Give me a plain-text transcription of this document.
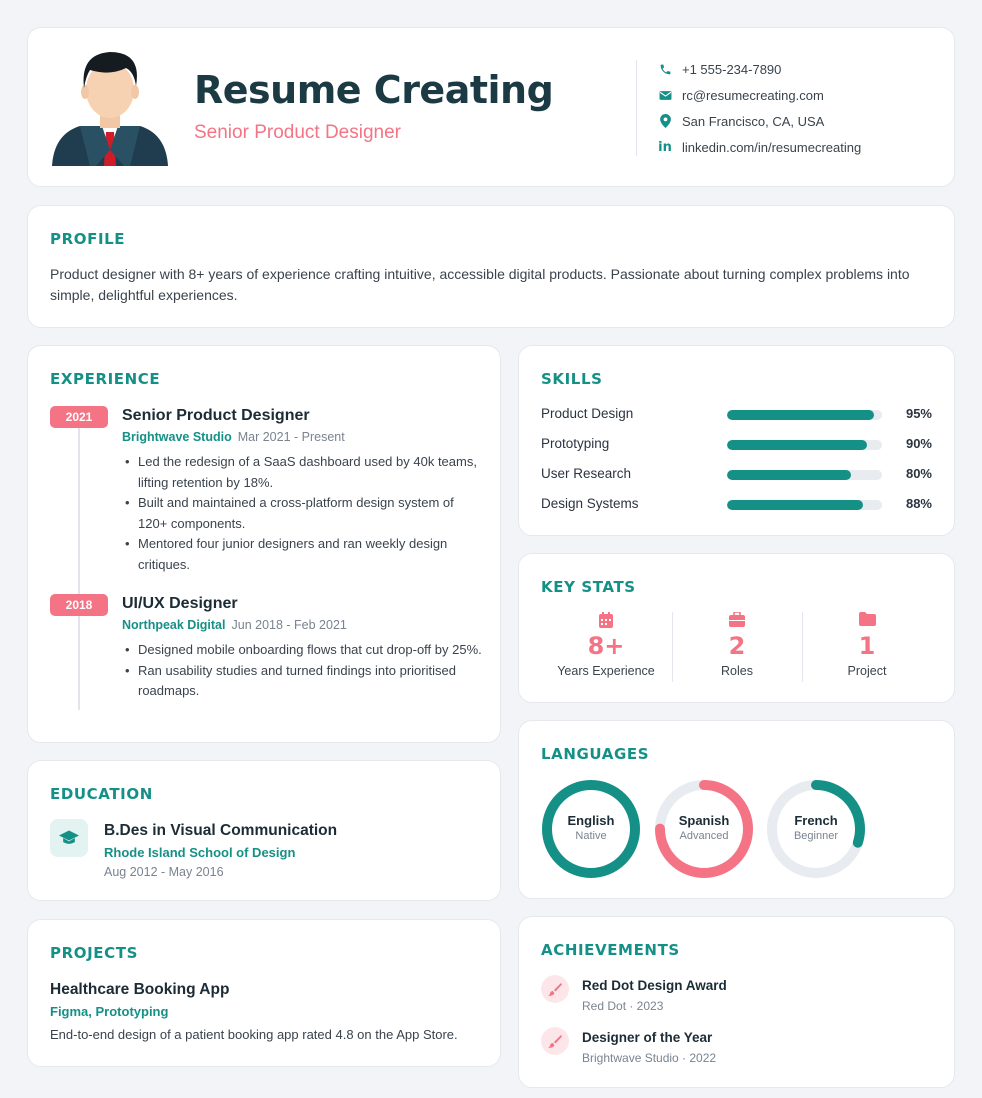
Resume Creating
Senior Product Designer
+1 555-234-7890
rc@resumecreating.com
San Francisco, CA, USA
in linkedin.com/in/resumecreating
PROFILE
Product designer with 8+ years of experience crafting intuitive, accessible digital products. Passionate about turning complex problems into simple, delightful experiences.
EXPERIENCE
2021	Senior Product Designer
Brightwave Studio Mar 2021 - Present
• Led the redesign of a SaaS dashboard used by 40k teams, lifting retention by 18%.
• Built and maintained a cross-platform design system of 120+ components.
• Mentored four junior designers and ran weekly design critiques.
2018	UI/UX Designer
Northpeak Digital Jun 2018 - Feb 2021
• Designed mobile onboarding flows that cut drop-off by 25%.
• Ran usability studies and turned findings into prioritised roadmaps.
EDUCATION
B.Des in Visual Communication
Rhode Island School of Design
Aug 2012 - May 2016
PROJECTS
Healthcare Booking App
Figma, Prototyping
End-to-end design of a patient booking app rated 4.8 on the App Store.
SKILLS
Product Design	95%
Prototyping	90%
User Research	80%
Design Systems	88%
KEY STATS
8+
Years Experience
2
Roles
1
Project
LANGUAGES
English
Native
Spanish
Advanced
French
Beginner
ACHIEVEMENTS
Red Dot Design Award
Red Dot · 2023
Designer of the Year
Brightwave Studio · 2022
